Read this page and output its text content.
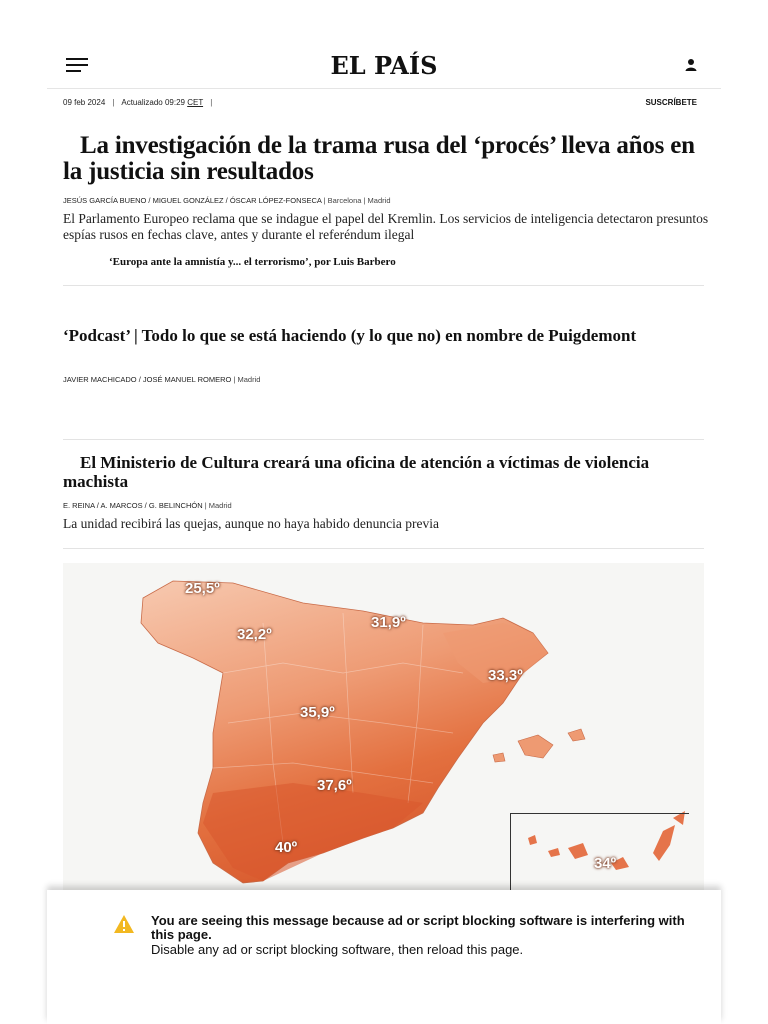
EL PAÍS
09 feb 2024 | Actualizado 09:29 CET |	SUSCRÍBETE
La investigación de la trama rusa del ‘procés’ lleva años en la justicia sin resultados
JESÚS GARCÍA BUENO / MIGUEL GONZÁLEZ / ÓSCAR LÓPEZ-FONSECA | Barcelona | Madrid

El Parlamento Europeo reclama que se indague el papel del Kremlin. Los servicios de inteligencia detectaron presuntos espías rusos en fechas clave, antes y durante el referéndum ilegal

‘Europa ante la amnistía y... el terrorismo’, por Luis Barbero
‘Podcast’ | Todo lo que se está haciendo (y lo que no) en nombre de Puigdemont
JAVIER MACHICADO / JOSÉ MANUEL ROMERO | Madrid
El Ministerio de Cultura creará una oficina de atención a víctimas de violencia machista
E. REINA / A. MARCOS / G. BELINCHÓN | Madrid

La unidad recibirá las quejas, aunque no haya habido denuncia previa

25,5º
32,2º
31,9º
33,3º
35,9º
37,6º
40º
34º
You are seeing this message because ad or script blocking software is interfering with this page.
Disable any ad or script blocking software, then reload this page.
